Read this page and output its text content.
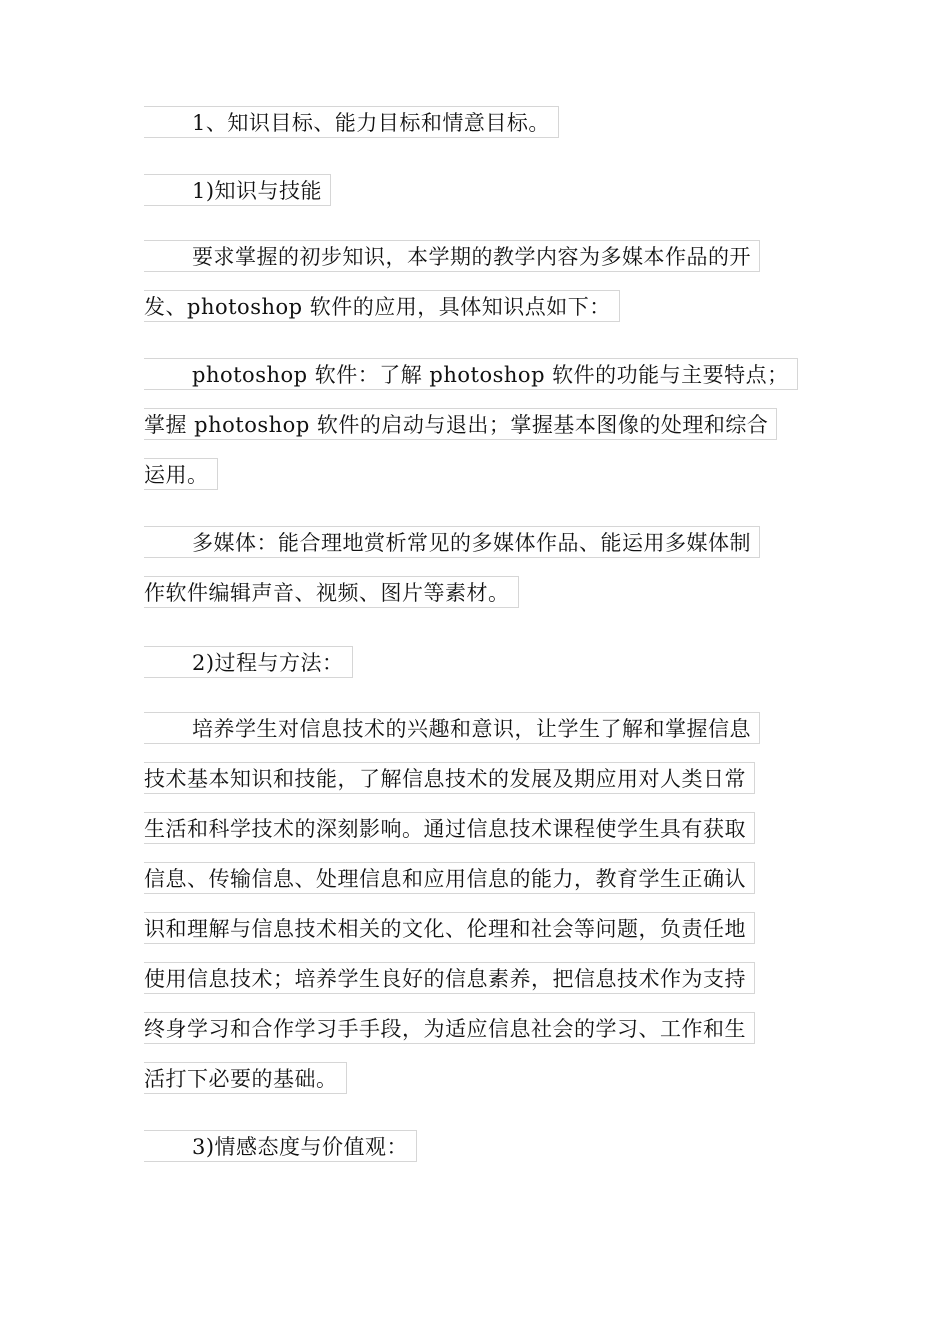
1、知识目标、能力目标和情意目标。
1)知识与技能
要求掌握的初步知识，本学期的教学内容为多媒本作品的开
发、photoshop 软件的应用，具体知识点如下：
photoshop 软件：了解 photoshop 软件的功能与主要特点；
掌握 photoshop 软件的启动与退出；掌握基本图像的处理和综合
运用。
多媒体：能合理地赏析常见的多媒体作品、能运用多媒体制
作软件编辑声音、视频、图片等素材。
2)过程与方法：
培养学生对信息技术的兴趣和意识，让学生了解和掌握信息
技术基本知识和技能，了解信息技术的发展及期应用对人类日常
生活和科学技术的深刻影响。通过信息技术课程使学生具有获取
信息、传输信息、处理信息和应用信息的能力，教育学生正确认
识和理解与信息技术相关的文化、伦理和社会等问题，负责任地
使用信息技术；培养学生良好的信息素养，把信息技术作为支持
终身学习和合作学习手手段，为适应信息社会的学习、工作和生
活打下必要的基础。
3)情感态度与价值观：
